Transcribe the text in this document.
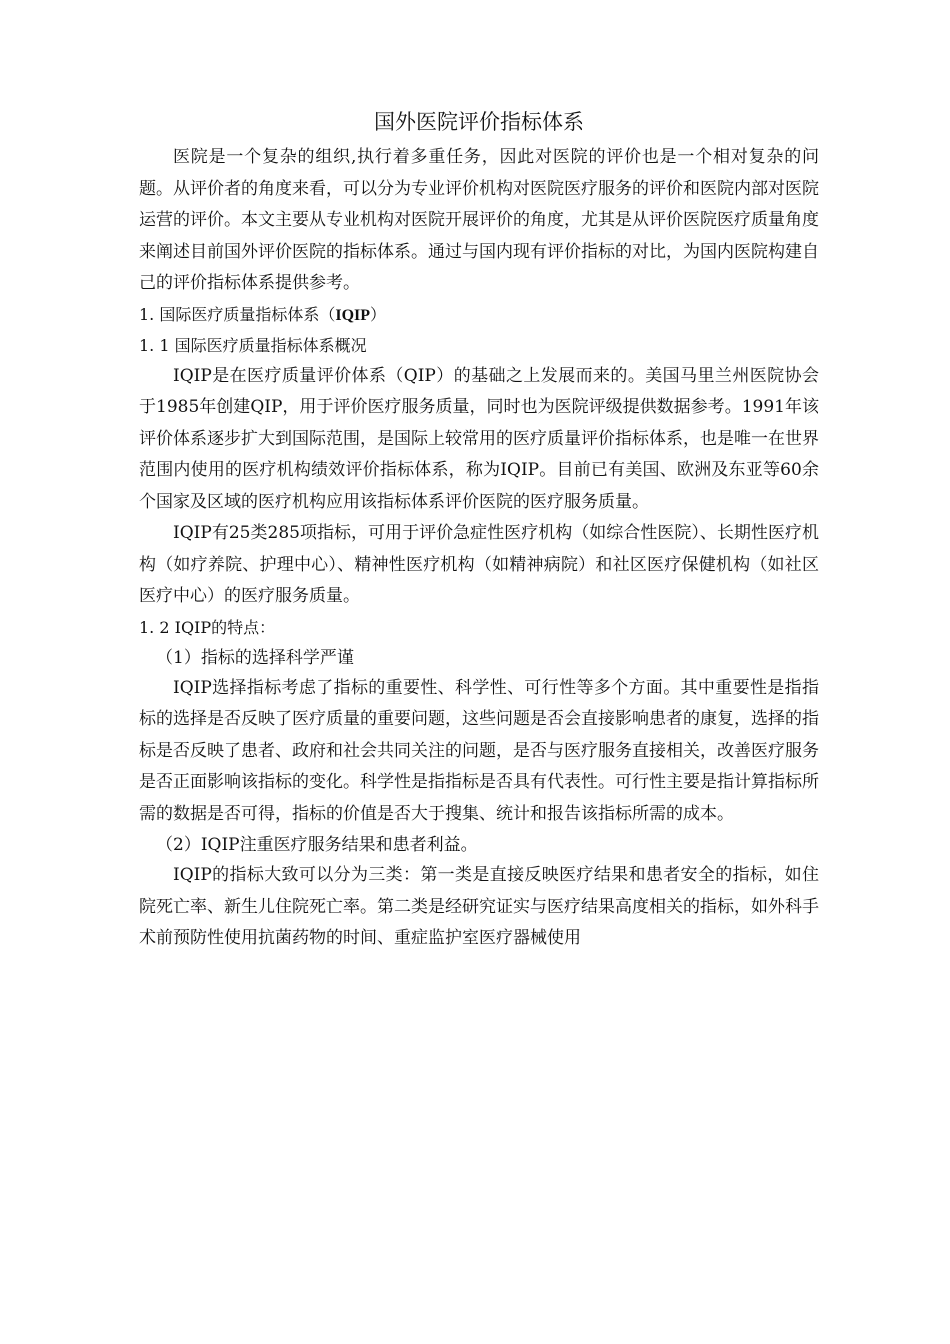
国外医院评价指标体系

医院是一个复杂的组织,执行着多重任务，因此对医院的评价也是一个相对复杂的问题。从评价者的角度来看，可以分为专业评价机构对医院医疗服务的评价和医院内部对医院运营的评价。本文主要从专业机构对医院开展评价的角度，尤其是从评价医院医疗质量角度来阐述目前国外评价医院的指标体系。通过与国内现有评价指标的对比，为国内医院构建自己的评价指标体系提供参考。

1. 国际医疗质量指标体系（IQIP）

1. 1 国际医疗质量指标体系概况

IQIP是在医疗质量评价体系（QIP）的基础之上发展而来的。美国马里兰州医院协会于1985年创建QIP，用于评价医疗服务质量，同时也为医院评级提供数据参考。1991年该评价体系逐步扩大到国际范围，是国际上较常用的医疗质量评价指标体系，也是唯一在世界范围内使用的医疗机构绩效评价指标体系，称为IQIP。目前已有美国、欧洲及东亚等60余个国家及区域的医疗机构应用该指标体系评价医院的医疗服务质量。

IQIP有25类285项指标，可用于评价急症性医疗机构（如综合性医院）、长期性医疗机构（如疗养院、护理中心）、精神性医疗机构（如精神病院）和社区医疗保健机构（如社区医疗中心）的医疗服务质量。

1. 2 IQIP的特点：

（1）指标的选择科学严谨

IQIP选择指标考虑了指标的重要性、科学性、可行性等多个方面。其中重要性是指指标的选择是否反映了医疗质量的重要问题，这些问题是否会直接影响患者的康复，选择的指标是否反映了患者、政府和社会共同关注的问题，是否与医疗服务直接相关，改善医疗服务是否正面影响该指标的变化。科学性是指指标是否具有代表性。可行性主要是指计算指标所需的数据是否可得，指标的价值是否大于搜集、统计和报告该指标所需的成本。

（2）IQIP注重医疗服务结果和患者利益。

IQIP的指标大致可以分为三类：第一类是直接反映医疗结果和患者安全的指标，如住院死亡率、新生儿住院死亡率。第二类是经研究证实与医疗结果高度相关的指标，如外科手术前预防性使用抗菌药物的时间、重症监护室医疗器械使用
